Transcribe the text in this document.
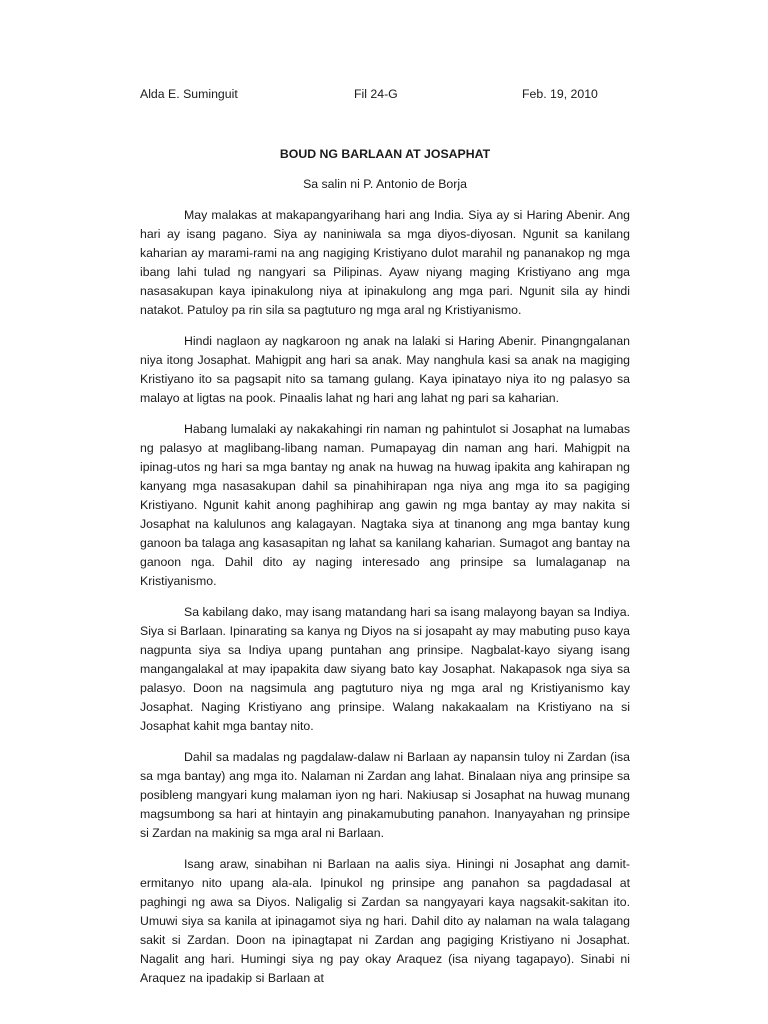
Alda E. Suminguit	Fil 24-G	Feb. 19, 2010
BOUD NG BARLAAN AT JOSAPHAT
Sa salin ni P. Antonio de Borja

May malakas at makapangyarihang hari ang India. Siya ay si Haring Abenir. Ang hari ay isang pagano. Siya ay naniniwala sa mga diyos-diyosan. Ngunit sa kanilang kaharian ay marami-rami na ang nagiging Kristiyano dulot marahil ng pananakop ng mga ibang lahi tulad ng nangyari sa Pilipinas. Ayaw niyang maging Kristiyano ang mga nasasakupan kaya ipinakulong niya at ipinakulong ang mga pari. Ngunit sila ay hindi natakot. Patuloy pa rin sila sa pagtuturo ng mga aral ng Kristiyanismo.

Hindi naglaon ay nagkaroon ng anak na lalaki si Haring Abenir. Pinangngalanan niya itong Josaphat. Mahigpit ang hari sa anak. May nanghula kasi sa anak na magiging Kristiyano ito sa pagsapit nito sa tamang gulang. Kaya ipinatayo niya ito ng palasyo sa malayo at ligtas na pook. Pinaalis lahat ng hari ang lahat ng pari sa kaharian.

Habang lumalaki ay nakakahingi rin naman ng pahintulot si Josaphat na lumabas ng palasyo at maglibang-libang naman. Pumapayag din naman ang hari. Mahigpit na ipinag-utos ng hari sa mga bantay ng anak na huwag na huwag ipakita ang kahirapan ng kanyang mga nasasakupan dahil sa pinahihirapan nga niya ang mga ito sa pagiging Kristiyano. Ngunit kahit anong paghihirap ang gawin ng mga bantay ay may nakita si Josaphat na kalulunos ang kalagayan. Nagtaka siya at tinanong ang mga bantay kung ganoon ba talaga ang kasasapitan ng lahat sa kanilang kaharian. Sumagot ang bantay na ganoon nga. Dahil dito ay naging interesado ang prinsipe sa lumalaganap na Kristiyanismo.

Sa kabilang dako, may isang matandang hari sa isang malayong bayan sa Indiya. Siya si Barlaan. Ipinarating sa kanya ng Diyos na si josapaht ay may mabuting puso kaya nagpunta siya sa Indiya upang puntahan ang prinsipe. Nagbalat-kayo siyang isang mangangalakal at may ipapakita daw siyang bato kay Josaphat. Nakapasok nga siya sa palasyo. Doon na nagsimula ang pagtuturo niya ng mga aral ng Kristiyanismo kay Josaphat. Naging Kristiyano ang prinsipe. Walang nakakaalam na Kristiyano na si Josaphat kahit mga bantay nito.

Dahil sa madalas ng pagdalaw-dalaw ni Barlaan ay napansin tuloy ni Zardan (isa sa mga bantay) ang mga ito. Nalaman ni Zardan ang lahat. Binalaan niya ang prinsipe sa posibleng mangyari kung malaman iyon ng hari. Nakiusap si Josaphat na huwag munang magsumbong sa hari at hintayin ang pinakamubuting panahon. Inanyayahan ng prinsipe si Zardan na makinig sa mga aral ni Barlaan.

Isang araw, sinabihan ni Barlaan na aalis siya. Hiningi ni Josaphat ang damit-ermitanyo nito upang ala-ala. Ipinukol ng prinsipe ang panahon sa pagdadasal at paghingi ng awa sa Diyos. Naligalig si Zardan sa nangyayari kaya nagsakit-sakitan ito. Umuwi siya sa kanila at ipinagamot siya ng hari. Dahil dito ay nalaman na wala talagang sakit si Zardan. Doon na ipinagtapat ni Zardan ang pagiging Kristiyano ni Josaphat. Nagalit ang hari. Humingi siya ng pay okay Araquez (isa niyang tagapayo). Sinabi ni Araquez na ipadakip si Barlaan at
